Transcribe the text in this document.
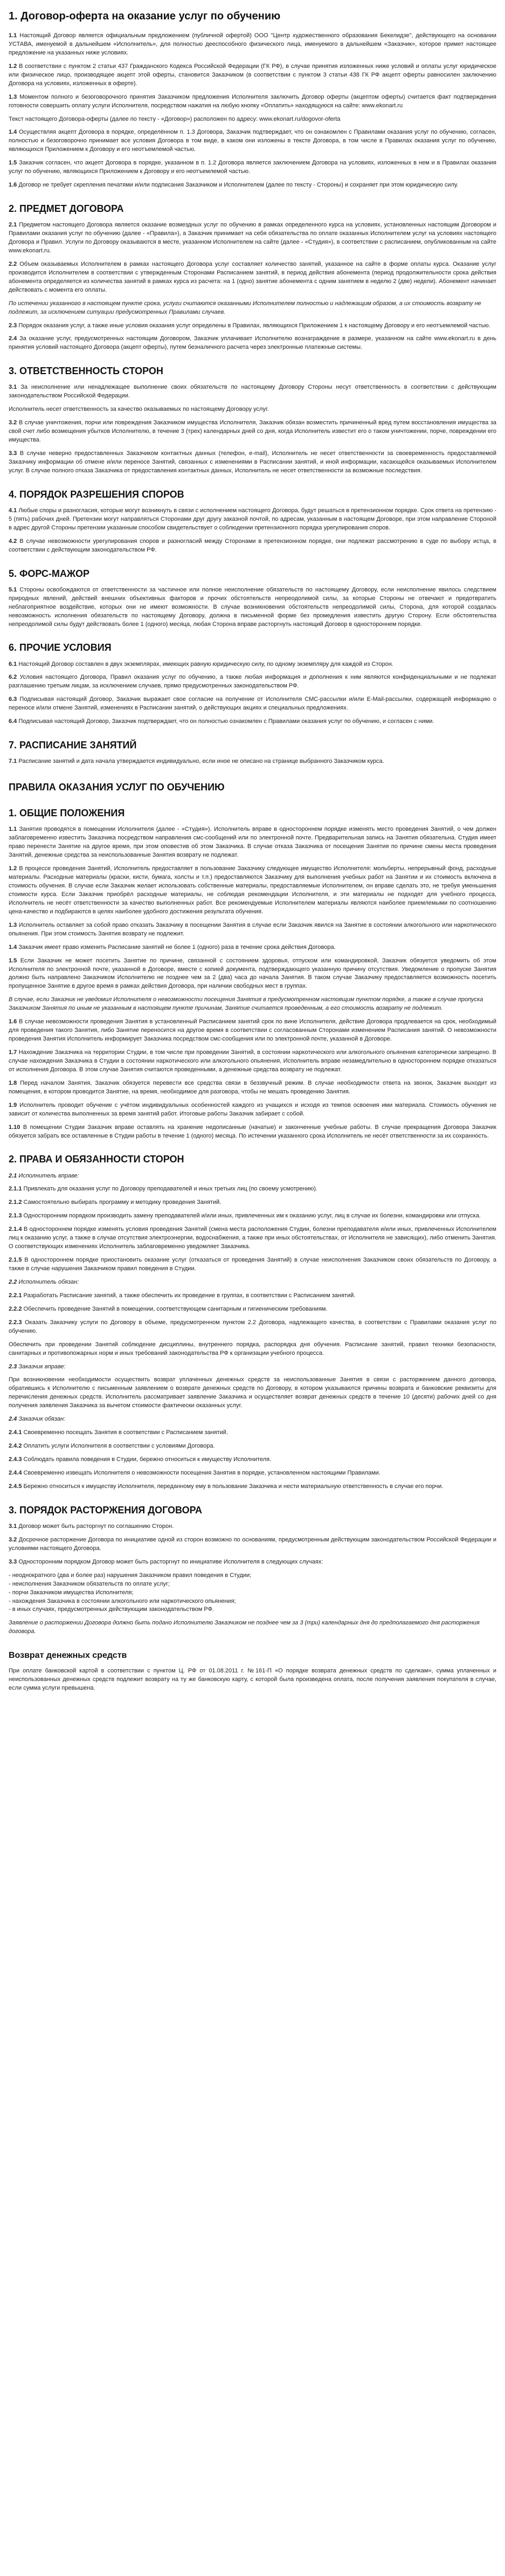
1. Договор-оферта на оказание услуг по обучению

1.1 Настоящий Договор является официальным предложением (публичной офертой) ООО "Центр художественного образования Бекелидзе", действующего на основании УСТАВА, именуемой в дальнейшем «Исполнитель», для полностью дееспособного физического лица, именуемого в дальнейшем «Заказчик», которое примет настоящее предложение на указанных ниже условиях.

1.2 В соответствии с пунктом 2 статьи 437 Гражданского Кодекса Российской Федерации (ГК РФ), в случае принятия изложенных ниже условий и оплаты услуг юридическое или физическое лицо, производящее акцепт этой оферты, становится Заказчиком (в соответствии с пунктом 3 статьи 438 ГК РФ акцепт оферты равносилен заключению Договора на условиях, изложенных в оферте).

1.3 Моментом полного и безоговорочного принятия Заказчиком предложения Исполнителя заключить Договор оферты (акцептом оферты) считается факт подтверждения готовности совершить оплату услуги Исполнителя, посредством нажатия на любую кнопку «Оплатить» находящуюся на сайте: www.ekonart.ru

Текст настоящего Договора-оферты (далее по тексту - «Договор») расположен по адресу: www.ekonart.ru/dogovor-oferta

1.4 Осуществляя акцепт Договора в порядке, определённом п. 1.3 Договора, Заказчик подтверждает, что он ознакомлен с Правилами оказания услуг по обучению, согласен, полностью и безоговорочно принимает все условия Договора в том виде, в каком они изложены в тексте Договора, в том числе в Правилах оказания услуг по обучению, являющихся Приложением к Договору и его неотъемлемой частью.

1.5 Заказчик согласен, что акцепт Договора в порядке, указанном в п. 1.2 Договора является заключением Договора на условиях, изложенных в нем и в Правилах оказания услуг по обучению, являющихся Приложением к Договору и его неотъемлемой частью.

1.6 Договор не требует скрепления печатями и/или подписания Заказчиком и Исполнителем (далее по тексту - Стороны) и сохраняет при этом юридическую силу.

2. ПРЕДМЕТ ДОГОВОРА

2.1 Предметом настоящего Договора является оказание возмездных услуг по обучению в рамках определенного курса на условиях, установленных настоящим Договором и Правилами оказания услуг по обучению (далее - «Правила»), а Заказчик принимает на себя обязательства по оплате оказанных Исполнителем услуг на условиях настоящего Договора и Правил. Услуги по Договору оказываются в месте, указанном Исполнителем на сайте (далее - «Студия»), в соответствии с расписанием, опубликованным на сайте www.ekonart.ru.

2.2 Объем оказываемых Исполнителем в рамках настоящего Договора услуг составляет количество занятий, указанное на сайте в форме оплаты курса. Оказание услуг производится Исполнителем в соответствии с утвержденным Сторонами Расписанием занятий, в период действия абонемента (период продолжительности срока действия абонемента определяется из количества занятий в рамках курса из расчета: на 1 (одно) занятие абонемента с одним занятием в неделю 2 (две) недели). Абонемент начинает действовать с момента его оплаты.

По истечении указанного в настоящем пункте срока, услуги считаются оказанными Исполнителем полностью и надлежащим образом, а их стоимость возврату не подлежит, за исключением ситуации предусмотренных Правилами случаев.

2.3 Порядок оказания услуг, а также иные условия оказания услуг определены в Правилах, являющихся Приложением 1 к настоящему Договору и его неотъемлемой частью.

2.4 За оказание услуг, предусмотренных настоящим Договором, Заказчик уплачивает Исполнителю вознаграждение в размере, указанном на сайте www.ekonart.ru в день принятия условий настоящего Договора (акцепт оферты), путем безналичного расчета через электронные платежные системы.

3. ОТВЕТСТВЕННОСТЬ СТОРОН

3.1 За неисполнение или ненадлежащее выполнение своих обязательств по настоящему Договору Стороны несут ответственность в соответствии с действующим законодательством Российской Федерации.

Исполнитель несет ответственность за качество оказываемых по настоящему Договору услуг.

3.2 В случае уничтожения, порчи или повреждения Заказчиком имущества Исполнителя, Заказчик обязан возместить причиненный вред путем восстановления имущества за свой счет либо возмещения убытков Исполнителю, в течение 3 (трех) календарных дней со дня, когда Исполнитель известит его о таком уничтожении, порче, повреждении его имущества.

3.3 В случае неверно предоставленных Заказчиком контактных данных (телефон, e-mail), Исполнитель не несет ответственности за своевременность предоставляемой Заказчику информации об отмене и/или переносе Занятий, связанных с изменениями в Расписании занятий, и иной информации, касающейся оказываемых Исполнителем услуг. В случае полного отказа Заказчика от предоставления контактных данных, Исполнитель не несет ответственности за возможные последствия.

4. ПОРЯДОК РАЗРЕШЕНИЯ СПОРОВ

4.1 Любые споры и разногласия, которые могут возникнуть в связи с исполнением настоящего Договора, будут решаться в претензионном порядке. Срок ответа на претензию - 5 (пять) рабочих дней. Претензии могут направляться Сторонами друг другу заказной почтой, по адресам, указанным в настоящем Договоре, при этом направление Стороной в адрес другой Стороны претензии указанным способом свидетельствует о соблюдении претензионного порядка урегулирования споров.

4.2 В случае невозможности урегулирования споров и разногласий между Сторонами в претензионном порядке, они подлежат рассмотрению в суде по выбору истца, в соответствии с действующим законодательством РФ.

5. ФОРС-МАЖОР

5.1 Стороны освобождаются от ответственности за частичное или полное неисполнение обязательств по настоящему Договору, если неисполнение явилось следствием природных явлений, действий внешних объективных факторов и прочих обстоятельств непреодолимой силы, за которые Стороны не отвечают и предотвратить неблагоприятное воздействие, которых они не имеют возможности. В случае возникновения обстоятельств непреодолимой силы, Сторона, для которой создалась невозможность исполнения обязательств по настоящему Договору, должна в письменной форме без промедления известить другую Сторону. Если обстоятельства непреодолимой силы будут действовать более 1 (одного) месяца, любая Сторона вправе расторгнуть настоящий Договор в одностороннем порядке.

6. ПРОЧИЕ УСЛОВИЯ

6.1 Настоящий Договор составлен в двух экземплярах, имеющих равную юридическую силу, по одному экземпляру для каждой из Сторон.

6.2 Условия настоящего Договора, Правил оказания услуг по обучению, а также любая информация и дополнения к ним являются конфиденциальными и не подлежат разглашению третьим лицам, за исключением случаев, прямо предусмотренных законодательством РФ.

6.3 Подписывая настоящий Договор, Заказчик выражает свое согласие на получение от Исполнителя СМС-рассылки и/или E-Mail-рассылки, содержащей информацию о переносе и/или отмене Занятий, изменениях в Расписании занятий, о действующих акциях и специальных предложениях.

6.4 Подписывая настоящий Договор, Заказчик подтверждает, что он полностью ознакомлен с Правилами оказания услуг по обучению, и согласен с ними.

7. РАСПИСАНИЕ ЗАНЯТИЙ

7.1 Расписание занятий и дата начала утверждается индивидуально, если иное не описано на странице выбранного Заказчиком курса.

ПРАВИЛА ОКАЗАНИЯ УСЛУГ ПО ОБУЧЕНИЮ
1. ОБЩИЕ ПОЛОЖЕНИЯ

1.1 Занятия проводятся в помещении Исполнителя (далее - «Студия»). Исполнитель вправе в одностороннем порядке изменять место проведения Занятий, о чем должен заблаговременно известить Заказчика посредством направления смс-сообщений или по электронной почте. Предварительная запись на Занятия обязательна. Студия имеет право перенести Занятие на другое время, при этом оповестив об этом Заказчика. В случае отказа Заказчика от посещения Занятия по причине смены места проведения Занятий, денежные средства за неиспользованные Занятия возврату не подлежат.

1.2 В процессе проведения Занятий, Исполнитель предоставляет в пользование Заказчику следующее имущество Исполнителя: мольберты, непрерывный фонд, расходные материалы. Расходные материалы (краски, кисти, бумага, холсты и т.п.) предоставляются Заказчику для выполнения учебных работ на Занятии и их стоимость включена в стоимость обучения. В случае если Заказчик желает использовать собственные материалы, предоставляемые Исполнителем, он вправе сделать это, не требуя уменьшения стоимости курса. Если Заказчик приобрёл расходные материалы, не соблюдая рекомендации Исполнителя, и эти материалы не подходят для учебного процесса, Исполнитель не несёт ответственности за качество выполненных работ. Все рекомендуемые Исполнителем материалы являются наиболее приемлемыми по соотношению цена-качество и подбираются в целях наиболее удобного достижения результата обучения.

1.3 Исполнитель оставляет за собой право отказать Заказчику в посещении Занятия в случае если Заказчик явился на Занятие в состоянии алкогольного или наркотического опьянения. При этом стоимость Занятия возврату не подлежит.

1.4 Заказчик имеет право изменить Расписание занятий не более 1 (одного) раза в течение срока действия Договора.

1.5 Если Заказчик не может посетить Занятие по причине, связанной с состоянием здоровья, отпуском или командировкой, Заказчик обязуется уведомить об этом Исполнителя по электронной почте, указанной в Договоре, вместе с копией документа, подтверждающего указанную причину отсутствия. Уведомление о пропуске Занятия должно быть направлено Заказчиком Исполнителю не позднее чем за 2 (два) часа до начала Занятия. В таком случае Заказчику предоставляется возможность посетить пропущенное Занятие в другое время в рамках действия Договора, при наличии свободных мест в группах.

В случае, если Заказчик не уведомил Исполнителя о невозможности посещения Занятия в предусмотренном настоящим пунктом порядке, а также в случае пропуска Заказчиком Занятия по иным не указанным в настоящем пункте причинам, Занятие считается проведенным, а его стоимость возврату не подлежит.

1.6 В случае невозможности проведения Занятия в установленный Расписанием занятий срок по вине Исполнителя, действие Договора продлевается на срок, необходимый для проведения такого Занятия, либо Занятие переносится на другое время в соответствии с согласованным Сторонами изменением Расписания занятий. О невозможности проведения Занятия Исполнитель информирует Заказчика посредством смс-сообщения или по электронной почте, указанной в Договоре.

1.7 Нахождение Заказчика на территории Студии, в том числе при проведении Занятий, в состоянии наркотического или алкогольного опьянения категорически запрещено. В случае нахождения Заказчика в Студии в состоянии наркотического или алкогольного опьянения, Исполнитель вправе незамедлительно в одностороннем порядке отказаться от исполнения Договора. В этом случае Занятия считаются проведенными, а денежные средства возврату не подлежат.

1.8 Перед началом Занятия, Заказчик обязуется перевести все средства связи в беззвучный режим. В случае необходимости ответа на звонок, Заказчик выходит из помещения, в котором проводится Занятие, на время, необходимое для разговора, чтобы не мешать проведению Занятия.

1.9 Исполнитель проводит обучение с учётом индивидуальных особенностей каждого из учащихся и исходя из темпов освоения ими материала. Стоимость обучения не зависит от количества выполненных за время занятий работ. Итоговые работы Заказчик забирает с собой.

1.10 В помещении Студии Заказчик вправе оставлять на хранение недописанные (начатые) и законченные учебные работы. В случае прекращения Договора Заказчик обязуется забрать все оставленные в Студии работы в течение 1 (одного) месяца. По истечении указанного срока Исполнитель не несёт ответственности за их сохранность.

2. ПРАВА И ОБЯЗАННОСТИ СТОРОН

2.1 Исполнитель вправе:

2.1.1 Привлекать для оказания услуг по Договору преподавателей и иных третьих лиц (по своему усмотрению).

2.1.2 Самостоятельно выбирать программу и методику проведения Занятий.

2.1.3 Односторонним порядком производить замену преподавателей и/или иных, привлеченных им к оказанию услуг, лиц в случае их болезни, командировки или отпуска.

2.1.4 В одностороннем порядке изменять условия проведения Занятий (смена места расположения Студии, болезни преподавателя и/или иных, привлеченных Исполнителем лиц к оказанию услуг, а также в случае отсутствия электроэнергии, водоснабжения, а также при иных обстоятельствах, от Исполнителя не зависящих), либо отменить Занятия. О соответствующих изменениях Исполнитель заблаговременно уведомляет Заказчика.

2.1.5 В одностороннем порядке приостановить оказание услуг (отказаться от проведения Занятий) в случае неисполнения Заказчиком своих обязательств по Договору, а также в случае нарушения Заказчиком правил поведения в Студии.

2.2 Исполнитель обязан:

2.2.1 Разработать Расписание занятий, а также обеспечить их проведение в группах, в соответствии с Расписанием занятий.

2.2.2 Обеспечить проведение Занятий в помещении, соответствующем санитарным и гигиеническим требованиям.

2.2.3 Оказать Заказчику услуги по Договору в объеме, предусмотренном пунктом 2.2 Договора, надлежащего качества, в соответствии с Правилами оказания услуг по обучению.

Обеспечить при проведении Занятий соблюдение дисциплины, внутреннего порядка, распорядка дня обучения. Расписание занятий, правил техники безопасности, санитарных и противопожарных норм и иных требований законодательства РФ к организации учебного процесса.

2.3 Заказчик вправе:

При возникновении необходимости осуществить возврат уплаченных денежных средств за неиспользованные Занятия в связи с расторжением данного договора, обратившись к Исполнителю с письменным заявлением о возврате денежных средств по Договору, в котором указываются причины возврата и банковские реквизиты для перечисления денежных средств. Исполнитель рассматривает заявление Заказчика и осуществляет возврат денежных средств в течение 10 (десяти) рабочих дней со дня получения заявления Заказчика за вычетом стоимости фактически оказанных услуг.

2.4 Заказчик обязан:

2.4.1 Своевременно посещать Занятия в соответствии с Расписанием занятий.

2.4.2 Оплатить услуги Исполнителя в соответствии с условиями Договора.

2.4.3 Соблюдать правила поведения в Студии, бережно относиться к имуществу Исполнителя.

2.4.4 Своевременно извещать Исполнителя о невозможности посещения Занятия в порядке, установленном настоящими Правилами.

2.4.5 Бережно относиться к имуществу Исполнителя, переданному ему в пользование Заказчика и нести материальную ответственность в случае его порчи.

3. ПОРЯДОК РАСТОРЖЕНИЯ ДОГОВОРА

3.1 Договор может быть расторгнут по соглашению Сторон.

3.2 Досрочное расторжение Договора по инициативе одной из сторон возможно по основаниям, предусмотренным действующим законодательством Российской Федерации и условиями настоящего Договора.

3.3 Односторонним порядком Договор может быть расторгнут по инициативе Исполнителя в следующих случаях:

- неоднократного (два и более раз) нарушения Заказчиком правил поведения в Студии;
- неисполнения Заказчиком обязательств по оплате услуг;
- порчи Заказчиком имущества Исполнителя;
- нахождения Заказчика в состоянии алкогольного или наркотического опьянения;
- в иных случаях, предусмотренных действующим законодательством РФ.

Заявление о расторжении Договора должно быть подано Исполнителю Заказчиком не позднее чем за 3 (три) календарных дня до предполагаемого дня расторжения договора.

Возврат денежных средств

При оплате банковской картой в соответствии с пунктом Ц. РФ от 01.08.2011 г. №161-П «О порядке возврата денежных средств по сделкам», сумма уплаченных и неиспользованных денежных средств подлежит возврату на ту же банковскую карту, с которой была произведена оплата, после получения заявления покупателя в случае, если сумма услуги превышена.
